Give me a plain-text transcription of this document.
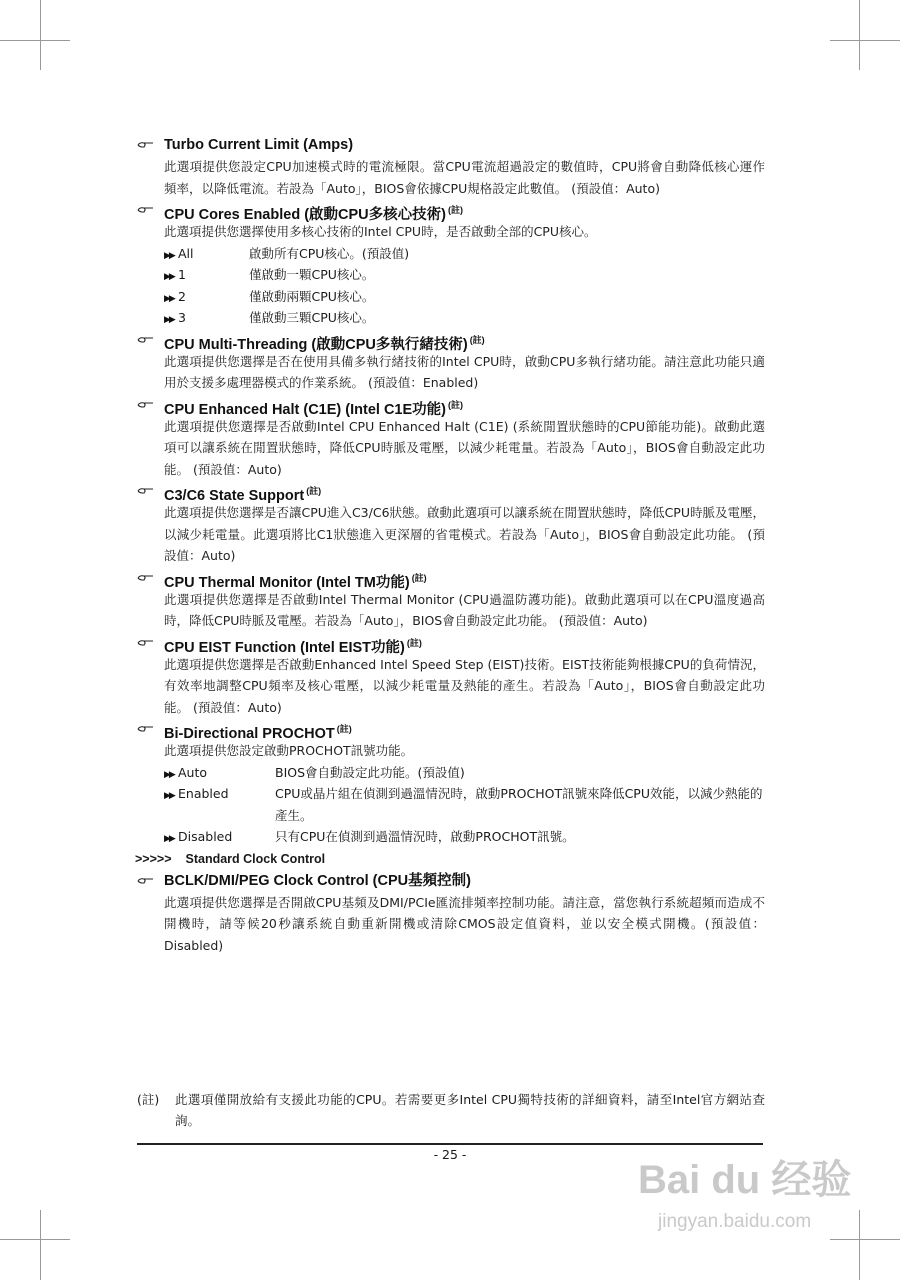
Turbo Current Limit (Amps)
此選項提供您設定CPU加速模式時的電流極限。當CPU電流超過設定的數值時，CPU將會自動降低核心運作頻率，以降低電流。若設為「Auto」，BIOS會依據CPU規格設定此數值。 (預設值：Auto)
CPU Cores Enabled (啟動CPU多核心技術) $^{(註)}$
此選項提供您選擇使用多核心技術的Intel CPU時，是否啟動全部的CPU核心。
▶▶ All	啟動所有CPU核心。(預設值)
▶▶ 1	僅啟動一顆CPU核心。
▶▶ 2	僅啟動兩顆CPU核心。
▶▶ 3	僅啟動三顆CPU核心。
CPU Multi-Threading (啟動CPU多執行緒技術) $^{(註)}$
此選項提供您選擇是否在使用具備多執行緒技術的Intel CPU時，啟動CPU多執行緒功能。請注意此功能只適用於支援多處理器模式的作業系統。 (預設值：Enabled)
CPU Enhanced Halt (C1E) (Intel C1E功能) $^{(註)}$
此選項提供您選擇是否啟動Intel CPU Enhanced Halt (C1E) (系統閒置狀態時的CPU節能功能)。啟動此選項可以讓系統在閒置狀態時，降低CPU時脈及電壓，以減少耗電量。若設為「Auto」，BIOS會自動設定此功能。 (預設值：Auto)
C3/C6 State Support $^{(註)}$
此選項提供您選擇是否讓CPU進入C3/C6狀態。啟動此選項可以讓系統在閒置狀態時，降低CPU時脈及電壓，以減少耗電量。此選項將比C1狀態進入更深層的省電模式。若設為「Auto」，BIOS會自動設定此功能。 (預設值：Auto)
CPU Thermal Monitor (Intel TM功能) $^{(註)}$
此選項提供您選擇是否啟動Intel Thermal Monitor (CPU過溫防護功能)。啟動此選項可以在CPU溫度過高時，降低CPU時脈及電壓。若設為「Auto」，BIOS會自動設定此功能。 (預設值：Auto)
CPU EIST Function (Intel EIST功能) $^{(註)}$
此選項提供您選擇是否啟動Enhanced Intel Speed Step (EIST)技術。EIST技術能夠根據CPU的負荷情況，有效率地調整CPU頻率及核心電壓，以減少耗電量及熱能的產生。若設為「Auto」，BIOS會自動設定此功能。 (預設值：Auto)
Bi-Directional PROCHOT $^{(註)}$
此選項提供您設定啟動PROCHOT訊號功能。
▶▶ Auto	BIOS會自動設定此功能。(預設值)
▶▶ Enabled	CPU或晶片組在偵測到過溫情況時，啟動PROCHOT訊號來降低CPU效能，以減少熱能的產生。
▶▶ Disabled	只有CPU在偵測到過溫情況時，啟動PROCHOT訊號。
>>>>> Standard Clock Control
BCLK/DMI/PEG Clock Control (CPU基頻控制)
此選項提供您選擇是否開啟CPU基頻及DMI/PCIe匯流排頻率控制功能。請注意，當您執行系統超頻而造成不開機時，請等候20秒讓系統自動重新開機或清除CMOS設定值資料，並以安全模式開機。(預設值：Disabled)
(註)	此選項僅開放給有支援此功能的CPU。若需要更多Intel CPU獨特技術的詳細資料，請至Intel官方網站查詢。
- 25 -
Bai du 经验
jingyan.baidu.com
